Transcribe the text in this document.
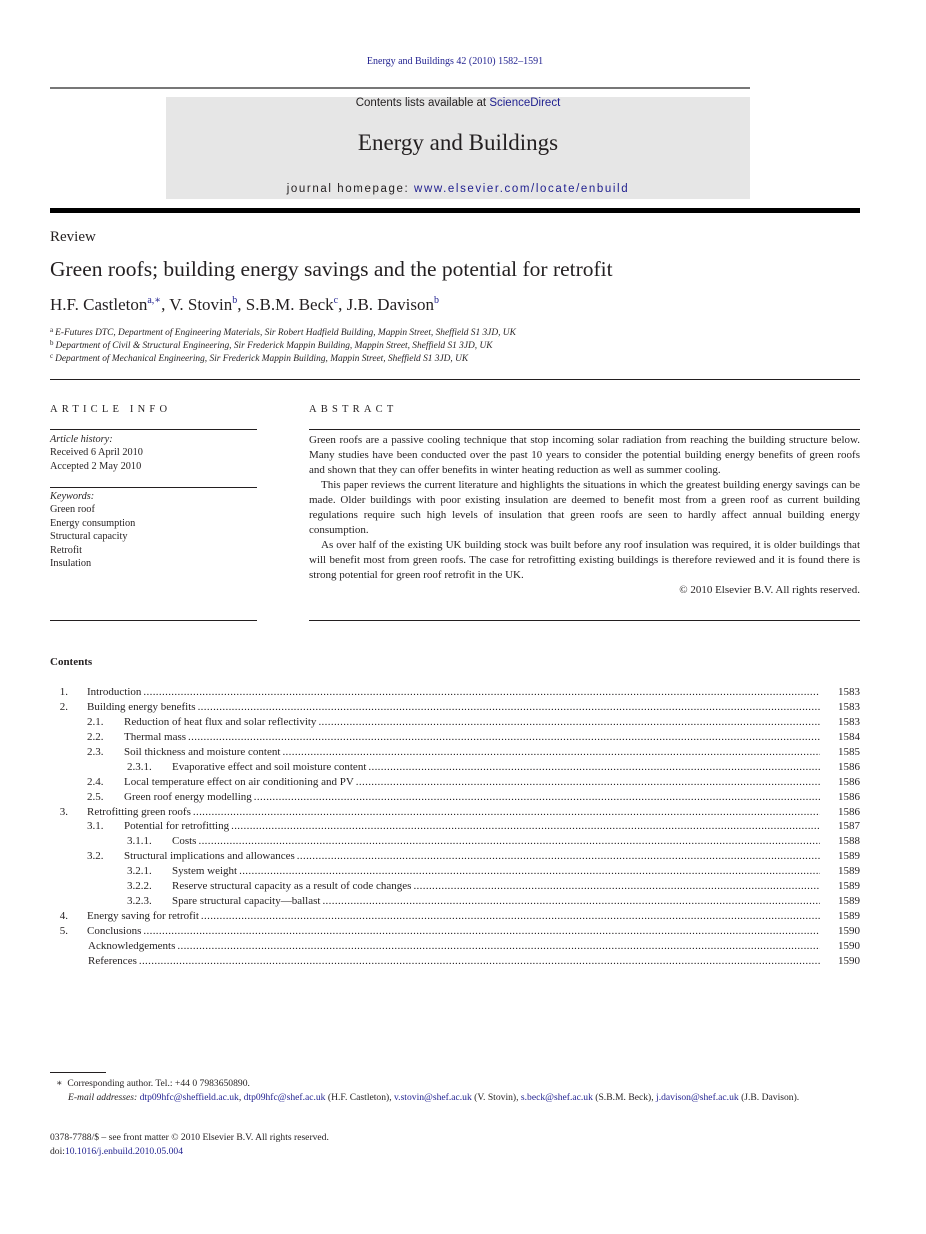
Energy and Buildings 42 (2010) 1582–1591
Contents lists available at ScienceDirect
Energy and Buildings
journal homepage: www.elsevier.com/locate/enbuild
Review
Green roofs; building energy savings and the potential for retrofit
H.F. Castleton$^{a,∗}$, V. Stovin$^b$, S.B.M. Beck$^c$, J.B. Davison$^b$
$^a$ E-Futures DTC, Department of Engineering Materials, Sir Robert Hadfield Building, Mappin Street, Sheffield S1 3JD, UK
$^b$ Department of Civil & Structural Engineering, Sir Frederick Mappin Building, Mappin Street, Sheffield S1 3JD, UK
$^c$ Department of Mechanical Engineering, Sir Frederick Mappin Building, Mappin Street, Sheffield S1 3JD, UK
ARTICLE INFO
Article history:
Received 6 April 2010
Accepted 2 May 2010
Keywords:
Green roof
Energy consumption
Structural capacity
Retrofit
Insulation
ABSTRACT

Green roofs are a passive cooling technique that stop incoming solar radiation from reaching the building structure below. Many studies have been conducted over the past 10 years to consider the potential building energy benefits of green roofs and shown that they can offer benefits in winter heating reduction as well as summer cooling.

This paper reviews the current literature and highlights the situations in which the greatest building energy savings can be made. Older buildings with poor existing insulation are deemed to benefit most from a green roof as current building regulations require such high levels of insulation that green roofs are seen to hardly affect annual building energy consumption.

As over half of the existing UK building stock was built before any roof insulation was required, it is older buildings that will benefit most from green roofs. The case for retrofitting existing buildings is therefore reviewed and it is found there is strong potential for green roof retrofit in the UK.

© 2010 Elsevier B.V. All rights reserved.

Contents
1. Introduction . . .	1583
2. Building energy benefits . . .	1583
2.1.	Reduction of heat flux and solar reflectivity . . .	1583
2.2.	Thermal mass . . .	1584
2.3.	Soil thickness and moisture content . . .	1585
2.3.1.	Evaporative effect and soil moisture content . . .	1586
2.4.	Local temperature effect on air conditioning and PV . . .	1586
2.5.	Green roof energy modelling . . .	1586
3. Retrofitting green roofs . . .	1586
3.1.	Potential for retrofitting . . .	1587
3.1.1.	Costs . . .	1588
3.2.	Structural implications and allowances . . .	1589
3.2.1.	System weight . . .	1589
3.2.2.	Reserve structural capacity as a result of code changes . . .	1589
3.2.3.	Spare structural capacity—ballast . . .	1589
4. Energy saving for retrofit . . .	1589
5. Conclusions . . .	1590
Acknowledgements . . .	1590
References . . .	1590
∗ Corresponding author. Tel.: +44 0 7983650890.
E-mail addresses: dtp09hfc@sheffield.ac.uk, dtp09hfc@shef.ac.uk (H.F. Castleton), v.stovin@shef.ac.uk (V. Stovin), s.beck@shef.ac.uk (S.B.M. Beck), j.davison@shef.ac.uk (J.B. Davison).
0378-7788/$ – see front matter © 2010 Elsevier B.V. All rights reserved.
doi:10.1016/j.enbuild.2010.05.004
